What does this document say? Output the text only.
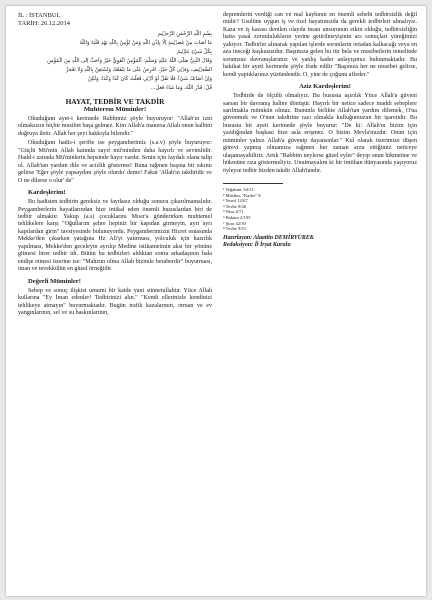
İL : İSTANBUL
TARİH: 26.12.2014
بِسْمِ اللّٰهِ الرَّحْمٰنِ الرَّحٖيمِ
مَا اَصَابَ مِنْ مُصٖيبَةٍ اِلَّا بِاِذْنِ اللّٰهِ وَمَنْ يُؤْمِنْ بِاللّٰهِ يَهْدِ قَلْبَهُ وَاللّٰهُ
بِكُلِّ شَيْءٍ عَلٖيمٌ
وَقَالَ النَّبِيُّ صَلَّى اللّٰهُ عَلَيْهِ وَسَلَّمَ: اَلْمُؤْمِنُ الْقَوِيُّ خَيْرٌ وَاَحَبُّ اِلَى اللّٰهِ مِنَ الْمُؤْمِنِ
الضَّعٖيفِ، وَفٖي كُلٍّ خَيْرٌ، احْرِصْ عَلٰى مَا يَنْفَعُكَ وَاسْتَعِنْ بِاللّٰهِ وَلَا تَعْجَزْ
وَاِنْ اَصَابَكَ شَيْءٌ فَلَا تَقُلْ لَوْ اَنّٖي فَعَلْتُ كَانَ كَذَا وَكَذَا، وَلٰكِنْ
قُلْ: قَدَّرَ اللّٰهُ، وَمَا شَاءَ فَعَلَ...
HAYAT, TEDBİR VE TAKDİR
Muhterem Müminler!

Okuduğum ayet-i kerimede Rabbimiz şöyle buyuruyor: "Allah'ın izni olmaksızın hiçbir musibet başa gelmez. Kim Allah'a inanırsa Allah onun kalbini doğruya iletir. Allah her şeyi hakkıyla bilendir."

Okuduğum hadis-i şerifte ise peygamberimiz (s.a.v) şöyle buyuruyor: "Güçlü Mü'min Allah katında zayıf mü'minden daha hayırlı ve sevimlidir. Hadd-i zatında Mü'minlerin hepsinde hayır vardır. Senin için faydalı olana talip ol. Allah'tan yardım dile ve acizlik gösterme! Buna rağmen başına bir sıkıntı gelirse 'Eğer şöyle yapsaydım şöyle olurdu' deme! Fakat 'Allah'ın takdiridir ve O ne dilerse o olur' de"

Kardeşlerim!

Bu hadisten tedbirin gereksiz ve faydasız olduğu sonucu çıkarılmamalıdır. Peygamberlerin hayatlarından bize intikal eden önemli hususlardan biri de tedbir almaktır. Yakup (a.s) çocuklarını Mısır'a gönderirken muhtemel tehlikelere karşı "Oğullarım şehre hepiniz bir kapıdan girmeyin, ayrı ayrı kapılardan girin" tavsiyesinde bulunuyordu. Peygamberimizin Hicret esnasında Mekke'den çıkarken yatağına Hz Ali'yi yatırması, yolculuk için hazırlık yapılması, Mekke'den geceleyin ayrılıp Medine istikametinin aksi bir yönüne gitmesi birer tedbir idi. Bütün bu tedbirleri aldıktan sonra arkadaşının hala endişe etmesi üzerine ise: "Mahzun olma Allah bizimle beraberdir" buyurması, iman ve tevekkülün en güzel örneğidir.

Değerli Müminler!

Sebep ve sonuç ilişkisi umumi bir kaide yani sünnetullahtır. Yüce Allah kullarına "Ey İman edenler! Tedbirinizi alın." "Kendi ellerinizle kendinizi tehlikeye atmayın" buyurmaktadır. Bugün trafik kazalarının, orman ve ev yangınlarının, sel ve su baskınlarının,

depremlerin verdiği can ve mal kaybının en önemli sebebi tedbirsizlik değil midir? Usulüne uygun iş ve özel hayatımızda da gerekli tedbirleri almalıyız. Kaza ve iş kazası denilen olayda insan unsurunun etkin olduğu, tedbirsizliğin hatta yasal zorunlulukların yerine getirilmeyişinin acı sonuçları yüreğimizi yakıyor. Tedbirler alınarak yapılan işlerde sorunların ortadan kalkacağı veya en aza ineceği kuşkusuzdur. Başımıza gelen bu tür bela ve musibetlerin temelinde sorumsuz davranışlarımız ve yanlış kader anlayışımız bulunmaktadır. Bu hakikat bir ayeti kerimede şöyle ifade edilir "Başınıza her ne musibet gelirse, kendi yaptıklarınız yüzündendir. O, yine de çoğunu affeder."

Aziz Kardeşlerim!

Tedbirde de ölçülü olmalıyız. Bu hususta aşırılık Yüce Allah'a güveni sarsan bir davranış haline dönüşür. Hayırlı bir netice sadece maddi sebeplere sarılmakla mümkün olmaz. Bununla birlikte Allah'tan yardım dilemek, O'na güvenmek ve O'nun takdirine razı olmakla kulluğumuzun bir işaretidir. Bu hususta bir ayeti kerimede şöyle buyurur: "De ki: Allah'ın bizim için yazdığından başkası bize asla erişmez. O bizim Mevla'mızdır. Onun için müminler yalnız Allah'a güvenip dayansınlar." Kul olarak üzerimize düşen görevi yapmış olmamıza rağmen her zaman arzu ettiğimiz neticeye ulaşamayabiliriz. Artık "Rabbim neylerse güzel eyler" deyip onun hikmetine ve hükmüne rıza göstermeliyiz. Unutmayalım ki bir imtihan dünyasında yaşıyoruz öyleyse tedbir bizden takdir Allah'tandır.

¹ Teğabun, 64/11
² Müslim, "Kader" 8
³ Yusuf 12/67
⁴ Tevbe 9/40
⁵ Nisa 4/71
⁶ Bakara 2/195
⁷ Şura 42/30
⁸ Tevbe 9/51
Hazırlayan: Alaattin DEMİRYÜREK
Redaksiyon: İl İrşat Kurulu
